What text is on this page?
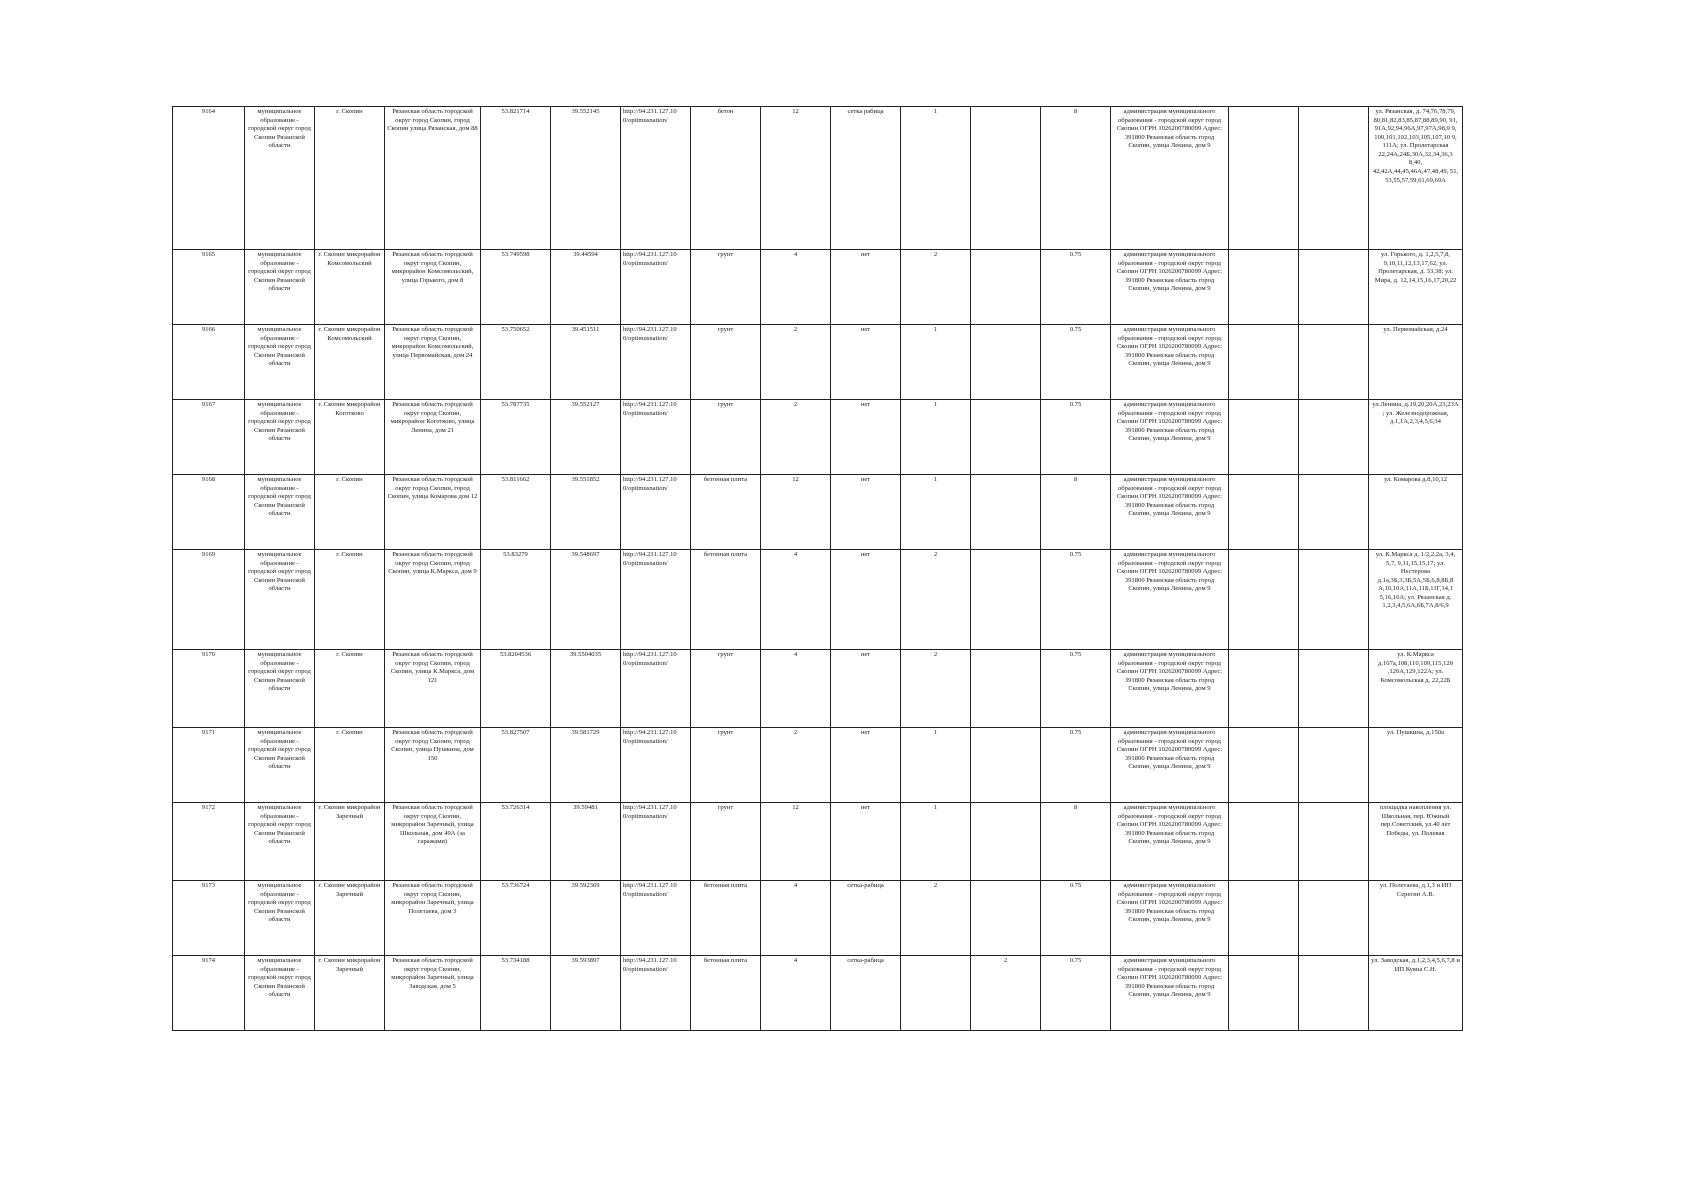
9164	муниципальное образование - городской округ город Скопин Рязанской области	г. Скопин	Рязанская область городской округ город Скопин, город Скопин улица Рязанская, дом 88	53.821714	39.552145	http://94.231.127.10 0/optimusnation/	бетон	12	сетка рабица	1		8	администрация муниципального образования - городской округ город Скопин ОГРН 1026200780099 Адрес: 391800 Рязанская область город Скопин, улица Ленина, дом 9			ул. Рязанская, д. 74,76,78,79, 80,81,82,83,85,87,88,89,90, 91, 91А,92,94,96А,97,97А,98,9 9, 100,101,102,103,105,107,10 9, 111А; ул. Пролетарская 22,24А,24Б,30А,32,34,36,3 8,40, 42,42А,44,45,46А,47,48,49, 51, 53,55,57,59,61,69,69А
9165	муниципальное образование - городской округ город Скопин Рязанской области	г. Скопин микрорайон Комсомольский	Рязанская область городской округ город Скопин, микрорайон Комсомольский, улица Горького, дом 8	53.749598	39.44594	http://94.231.127.10 0/optimusnation/	грунт	4	нет	2		0.75	администрация муниципального образования - городской округ город Скопин ОГРН 1026200780099 Адрес: 391800 Рязанская область город Скопин, улица Ленина, дом 9			ул. Горького, д. 1,2,5,7,8, 9,10,11,12,13,17,62, ул. Пролетарская, д. 33,38; ул. Мира, д. 12,14,15,16,17,20,22
9166	муниципальное образование - городской округ город Скопин Рязанской области	г. Скопин микрорайон Комсомольский	Рязанская область городской округ город Скопин, микрорайон Комсомольский, улица Первомайская, дом 24	53.750652	39.451511	http://94.231.127.10 0/optimusnation/	грунт	2	нет	1		0.75	администрация муниципального образования - городской округ город Скопин ОГРН 1026200780099 Адрес: 391800 Рязанская область город Скопин, улица Ленина, дом 9			ул. Первомайская, д.24
9167	муниципальное образование - городской округ город Скопин Рязанской области	г. Скопин микрорайон Коготково	Рязанская область городской округ город Скопин, микрорайон Коготково, улица Ленина, дом 21	53.787735	39.552127	http://94.231.127.10 0/optimusnation/	грунт	2	нет	1		0.75	администрация муниципального образования - городской округ город Скопин ОГРН 1026200780099 Адрес: 391800 Рязанская область город Скопин, улица Ленина, дом 9			ул.Ленина, д.19,20,20А,23,23А ; ул. Железнодорожная, д.1,1А,2,3,4,5,6,34
9168	муниципальное образование - городской округ город Скопин Рязанской области	г. Скопин	Рязанская область городской округ город Скопин, город Скопин, улица Комарова дом 12	53.811662	39.551852	http://94.231.127.10 0/optimusnation/	бетонная плита	12	нет	1		8	администрация муниципального образования - городской округ город Скопин ОГРН 1026200780099 Адрес: 391800 Рязанская область город Скопин, улица Ленина, дом 9			ул. Комарова д.8,10,12
9169	муниципальное образование - городской округ город Скопин Рязанской области	г. Скопин	Рязанская область городской округ город Скопин, город Скопин, улица К.Маркса, дом 9	53.83279	39.548697	http://94.231.127.10 0/optimusnation/	бетонная плита	4	нет	2		0.75	администрация муниципального образования - городской округ город Скопин ОГРН 1026200780099 Адрес: 391800 Рязанская область город Скопин, улица Ленина, дом 9			ул. К.Маркса д. 1/2,2,2а, 3,4, 5,7, 9,11,15,15,17; ул. Нестерова д.1а,3Б,3,3Б,5А,5Б,6,8,8Б,8 А,10,10А,11А,11Б,11Г,14,1 5,16,16А; ул. Рязанская д. 1,2,3,4,5,6А,6Б,7А,8/6,9
9170	муниципальное образование - городской округ город Скопин Рязанской области	г. Скопин	Рязанская область городской округ город Скопин, город Скопин, улица К.Маркса, дом 121	53.8204536	39.5504035	http://94.231.127.10 0/optimusnation/	грунт	4	нет	2		0.75	администрация муниципального образования - городской округ город Скопин ОГРН 1026200780099 Адрес: 391800 Рязанская область город Скопин, улица Ленина, дом 9			ул. К.Маркса д.107а,108,110,109,115,120 ,120А,129,122А; ул. Комсомольская д. 22,22Б
9171	муниципальное образование - городской округ город Скопин Рязанской области	г. Скопин	Рязанская область городской округ город Скопин, город Скопин, улица Пушкина, дом 150	53.827507	39.581729	http://94.231.127.10 0/optimusnation/	грунт	2	нет	1		0.75	администрация муниципального образования - городской округ город Скопин ОГРН 1026200780099 Адрес: 391800 Рязанская область город Скопин, улица Ленина, дом 9			ул. Пушкина, д.150а
9172	муниципальное образование - городской округ город Скопин Рязанской области	г. Скопин микрорайон Заречный	Рязанская область городской округ город Скопин, микрорайон Заречный, улица Школьная, дом 49А (за гаражами)	53.726314	39.59481	http://94.231.127.10 0/optimusnation/	грунт	12	нет	1		8	администрация муниципального образования - городской округ город Скопин ОГРН 1026200780099 Адрес: 391800 Рязанская область город Скопин, улица Ленина, дом 9			площадка накопления ул. Школьная, пер. Южный пер.Советский, ул.40 лет Победы, ул. Полевая
9173	муниципальное образование - городской округ город Скопин Рязанской области	г. Скопин микрорайон Заречный	Рязанская область городской округ город Скопин, микрорайон Заречный, улица Полетаева, дом 3	53.736724	39.592369	http://94.231.127.10 0/optimusnation/	бетонная плита	4	сетка-рабица	2		0.75	администрация муниципального образования - городской округ город Скопин ОГРН 1026200780099 Адрес: 391800 Рязанская область город Скопин, улица Ленина, дом 9			ул. Полетаева, д.1,3 и ИП Серегин А.В.
9174	муниципальное образование - городской округ город Скопин Рязанской области	г. Скопин микрорайон Заречный	Рязанская область городской округ город Скопин, микрорайон Заречный, улица Заводская, дом 5	53.734188	39.593897	http://94.231.127.10 0/optimusnation/	бетонная плита	4	сетка-рабица		2	0.75	администрация муниципального образования - городской округ город Скопин ОГРН 1026200780099 Адрес: 391800 Рязанская область город Скопин, улица Ленина, дом 9			ул. Заводская, д.1,2,3,4,5,6,7,8 и ИП Куяна С.Н.
